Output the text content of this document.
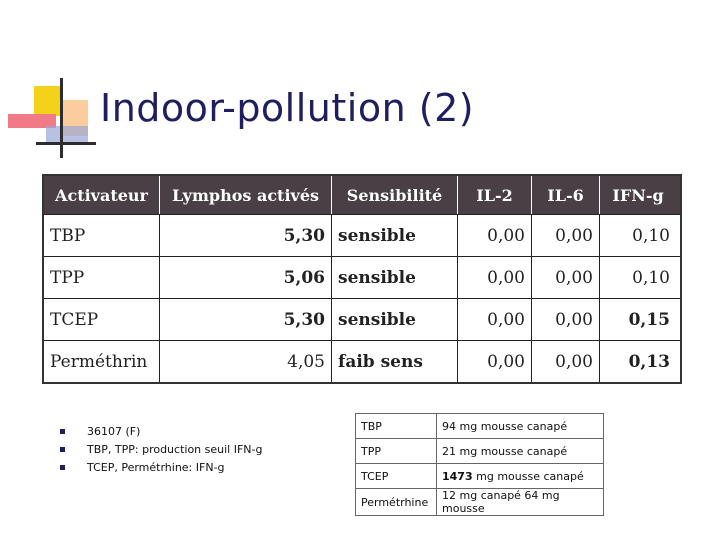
Indoor-pollution (2)
Activateur	Lymphos activés	Sensibilité	IL-2	IL-6	IFN-g
TBP	5,30 sensible	0,00	0,00	0,10
TPP	5,06 sensible	0,00	0,00	0,10
TCEP	5,30 sensible	0,00	0,00	0,15
Perméthrin	4,05 faib sens	0,00	0,00	0,13
36107 (F)
TBP, TPP: production seuil IFN-g
TCEP, Permétrhine: IFN-g
TBP	94 mg mousse canapé
TPP	21 mg mousse canapé
TCEP	1473 mg mousse canapé
Permétrhine	12 mg canapé 64 mg mousse
